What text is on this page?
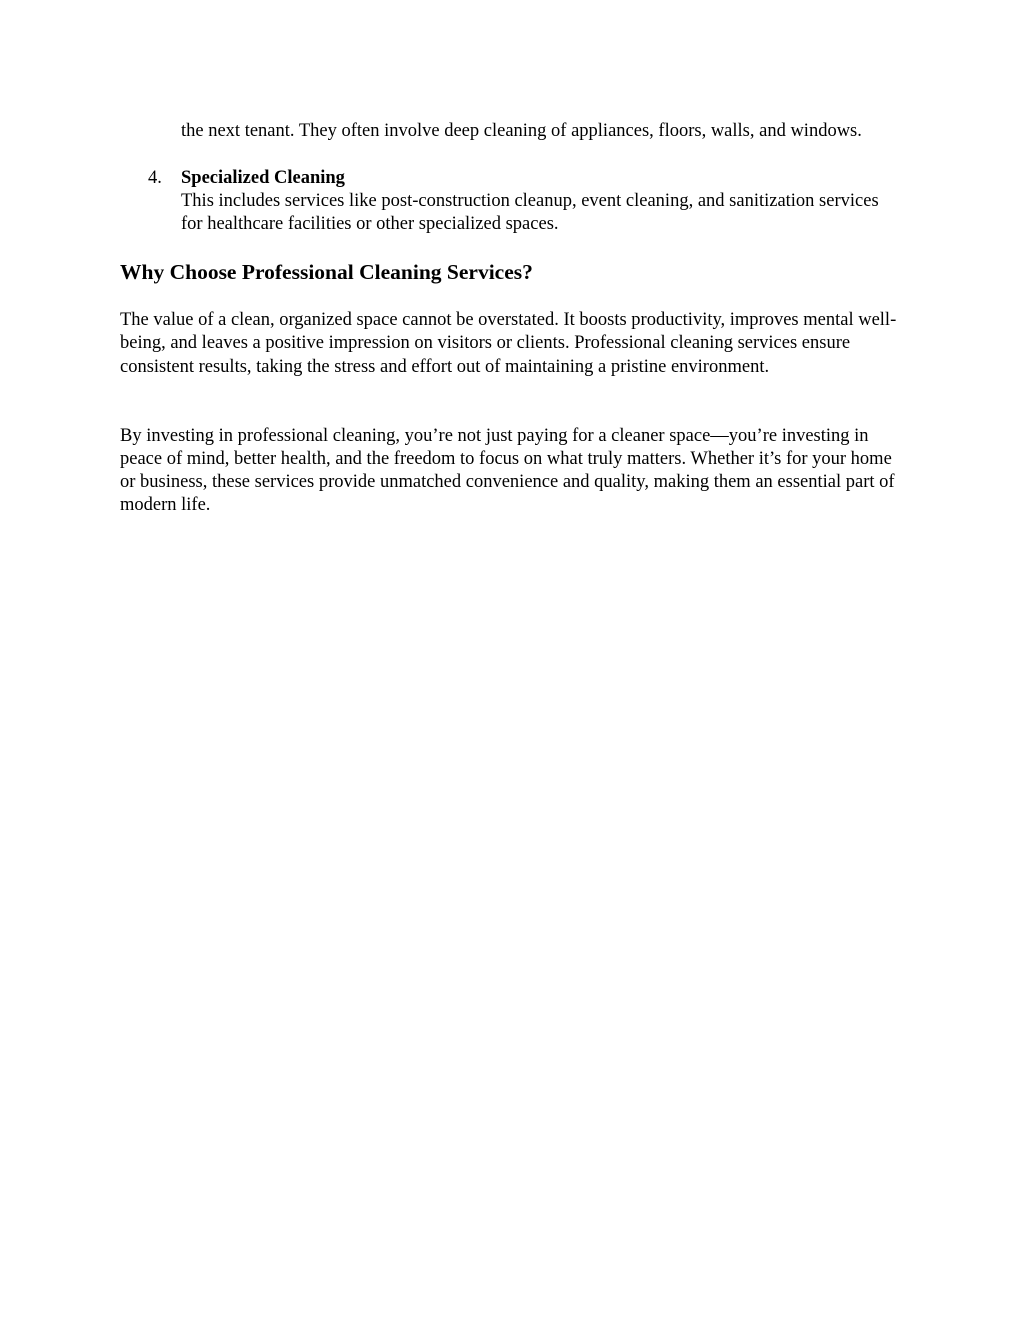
the next tenant. They often involve deep cleaning of appliances, floors, walls, and windows.
4.	Specialized Cleaning
This includes services like post-construction cleanup, event cleaning, and sanitization services for healthcare facilities or other specialized spaces.
Why Choose Professional Cleaning Services?

The value of a clean, organized space cannot be overstated. It boosts productivity, improves mental well-being, and leaves a positive impression on visitors or clients. Professional cleaning services ensure consistent results, taking the stress and effort out of maintaining a pristine environment.

By investing in professional cleaning, you’re not just paying for a cleaner space—you’re investing in peace of mind, better health, and the freedom to focus on what truly matters. Whether it’s for your home or business, these services provide unmatched convenience and quality, making them an essential part of modern life.
